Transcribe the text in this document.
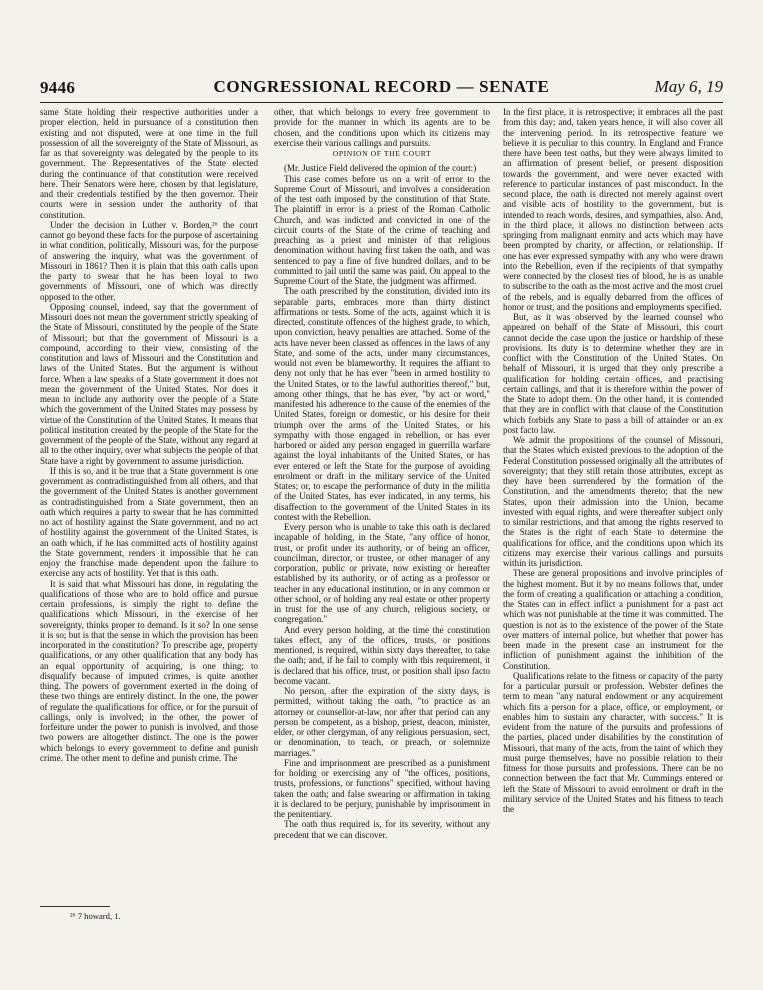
9446	CONGRESSIONAL RECORD — SENATE	May 6, 19

same State holding their respective authorities under a proper election, held in pursuance of a constitution then existing and not disputed, were at one time in the full possession of all the sovereignty of the State of Missouri, as far as that sovereignty was delegated by the people to its government. The Representatives of the State elected during the continuance of that constitution were received here. Their Senators were here, chosen by that legislature, and their credentials testified by the then governor. Their courts were in session under the authority of that constitution.

Under the decision in Luther v. Borden,²⁶ the court cannot go beyond these facts for the purpose of ascertaining in what condition, politically, Missouri was, for the purpose of answering the inquiry, what was the government of Missouri in 1861? Then it is plain that this oath calls upon the party to swear that he has been loyal to two governments of Missouri, one of which was directly opposed to the other.

Opposing counsel, indeed, say that the government of Missouri does not mean the government strictly speaking of the State of Missouri, constituted by the people of the State of Missouri; but that the government of Missouri is a compound, according to their view, consisting of the constitution and laws of Missouri and the Constitution and laws of the United States. But the argument is without force. When a law speaks of a State government it does not mean the government of the United States. Nor does it mean to include any authority over the people of a State which the government of the United States may possess by virtue of the Constitution of the United States. It means that political institution created by the people of the State for the government of the people of the State, without any regard at all to the other inquiry, over what subjects the people of that State have a right by government to assume jurisdiction.

If this is so, and it be true that a State government is one government as contradistinguished from all others, and that the government of the United States is another government as contradistinguished from a State government, then an oath which requires a party to swear that he has committed no act of hostility against the State government, and no act of hostility against the government of the United States, is an oath which, if he has committed acts of hostility against the State government, renders it impossible that he can enjoy the franchise made dependent upon the failure to exercise any acts of hostility. Yet that is this oath.

It is said that what Missouri has done, in regulating the qualifications of those who are to hold office and pursue certain professions, is simply the right to define the qualifications which Missouri, in the exercise of her sovereignty, thinks proper to demand. Is it so? In one sense it is so; but is that the sense in which the provision has been incorporated in the constitution? To prescribe age, property qualifications, or any other qualification that any body has an equal opportunity of acquiring, is one thing; to disqualify because of imputed crimes, is quite another thing. The powers of government exerted in the doing of these two things are entirely distinct. In the one, the power of regulate the qualifications for office, or for the pursuit of callings, only is involved; in the other, the power of forfeiture under the power to punish is involved, and those two powers are altogether distinct. The one is the power which belongs to every government to define and punish crime. The other ment to define and punish crime. The

²⁶ 7 howard, 1.

other, that which belongs to every free government to provide for the manner in which its agents are to be chosen, and the conditions upon which its citizens may exercise their various callings and pursuits.

OPINION OF THE COURT

(Mr. Justice Field delivered the opinion of the court:)

This case comes before us on a writ of error to the Supreme Court of Missouri, and involves a consideration of the test oath imposed by the constitution of that State. The plaintiff in error is a priest of the Roman Catholic Church, and was indicted and convicted in one of the circuit courts of the State of the crime of teaching and preaching as a priest and minister of that religious denomination without having first taken the oath, and was sentenced to pay a fine of five hundred dollars, and to be committed to jail until the same was paid. On appeal to the Supreme Court of the State, the judgment was affirmed.

The oath prescribed by the constitution, divided into its separable parts, embraces more than thirty distinct affirmations or tests. Some of the acts, against which it is directed, constitute offences of the highest grade, to which, upon conviction, heavy penalties are attached. Some of the acts have never been classed as offences in the laws of any State, and some of the acts, under many circumstances, would not even be blameworthy. It requires the affiant to deny not only that he has ever "been in armed hostility to the United States, or to the lawful authorities thereof," but, among other things, that he has ever, "by act or word," manifested his adherence to the cause of the enemies of the United States, foreign or domestic, or his desire for their triumph over the arms of the United States, or his sympathy with those engaged in rebellion, or has ever harbored or aided any person engaged in guerrilla warfare against the loyal inhabitants of the United States, or has ever entered or left the State for the purpose of avoiding enrolment or draft in the military service of the United States; or, to escape the performance of duty in the militia of the United States, has ever indicated, in any terms, his disaffection to the government of the United States in its contest with the Rebellion.

Every person who is unable to take this oath is declared incapable of holding, in the State, "any office of honor, trust, or profit under its authority, or of being an officer, councilman, director, or trustee, or other manager of any corporation, public or private, now existing or hereafter established by its authority, or of acting as a professor or teacher in any educational institution, or in any common or other school, or of holding any real estate or other property in trust for the use of any church, religious society, or congregation."

And every person holding, at the time the constitution takes effect, any of the offices, trusts, or positions mentioned, is required, within sixty days thereafter, to take the oath; and, if he fail to comply with this requirement, it is declared that his office, trust, or position shall ipso facto become vacant.

No person, after the expiration of the sixty days, is permitted, without taking the oath, "to practice as an attorney or counsellor-at-law, nor after that period can any person be competent, as a bishop, priest, deacon, minister, elder, or other clergyman, of any religious persuasion, sect, or denomination, to teach, or preach, or solemnize marriages."

Fine and imprisonment are prescribed as a punishment for holding or exercising any of "the offices, positions, trusts, professions, or functions" specified, without having taken the oath; and false swearing or affirmation in taking it is declared to be perjury, punishable by imprisonment in the penitentiary.

The oath thus required is, for its severity, without any precedent that we can discover.

In the first place, it is retrospective; it embraces all the past from this day; and, taken years hence, it will also cover all the intervening period. In its retrospective feature we believe it is peculiar to this country. In England and France there have been test oaths, but they were always limited to an affirmation of present belief, or present disposition towards the government, and were never exacted with reference to particular instances of past misconduct. In the second place, the oath is directed not merely against overt and visible acts of hostility to the government, but is intended to reach words, desires, and sympathies, also. And, in the third place, it allows no distinction between acts springing from malignant enmity and acts which may have been prompted by charity, or affection, or relationship. If one has ever expressed sympathy with any who were drawn into the Rebellion, even if the recipients of that sympathy were connected by the closest ties of blood, he is as unable to subscribe to the oath as the most active and the most cruel of the rebels, and is equally debarred from the offices of honor or trust, and the positions and employments specified.

But, as it was observed by the learned counsel who appeared on behalf of the State of Missouri, this court cannot decide the case upon the justice or hardship of these provisions. Its duty is to determine whether they are in conflict with the Constitution of the United States. On behalf of Missouri, it is urged that they only prescribe a qualification for holding certain offices, and practising certain callings, and that it is therefore within the power of the State to adopt them. On the other hand, it is contended that they are in conflict with that clause of the Constitution which forbids any State to pass a bill of attainder or an ex post facto law.

We admit the propositions of the counsel of Missouri, that the States which existed previous to the adoption of the Federal Constitution possessed originally all the attributes of sovereignty; that they still retain those attributes, except as they have been surrendered by the formation of the Constitution, and the amendments thereto; that the new States, upon their admission into the Union, became invested with equal rights, and were thereafter subject only to similar restrictions, and that among the rights reserved to the States is the right of each State to determine the qualifications for office, and the conditions upon which its citizens may exercise their various callings and pursuits within its jurisdiction.

These are general propositions and involve principles of the highest moment. But it by no means follows that, under the form of creating a qualification or attaching a condition, the States can in effect inflict a punishment for a past act which was not punishable at the time it was committed. The question is not as to the existence of the power of the State over matters of internal police, but whether that power has been made in the present case an instrument for the infliction of punishment against the inhibition of the Constitution.

Qualifications relate to the fitness or capacity of the party for a particular pursuit or profession. Webster defines the term to mean "any natural endowment or any acquirement which fits a person for a place, office, or employment, or enables him to sustain any character, with success." It is evident from the nature of the pursuits and professions of the parties, placed under disabilities by the constitution of Missouri, that many of the acts, from the taint of which they must purge themselves, have no possible relation to their fitness for those pursuits and professions. There can be no connection between the fact that Mr. Cummings entered or left the State of Missouri to avoid enrolment or draft in the military service of the United States and his fitness to teach the
